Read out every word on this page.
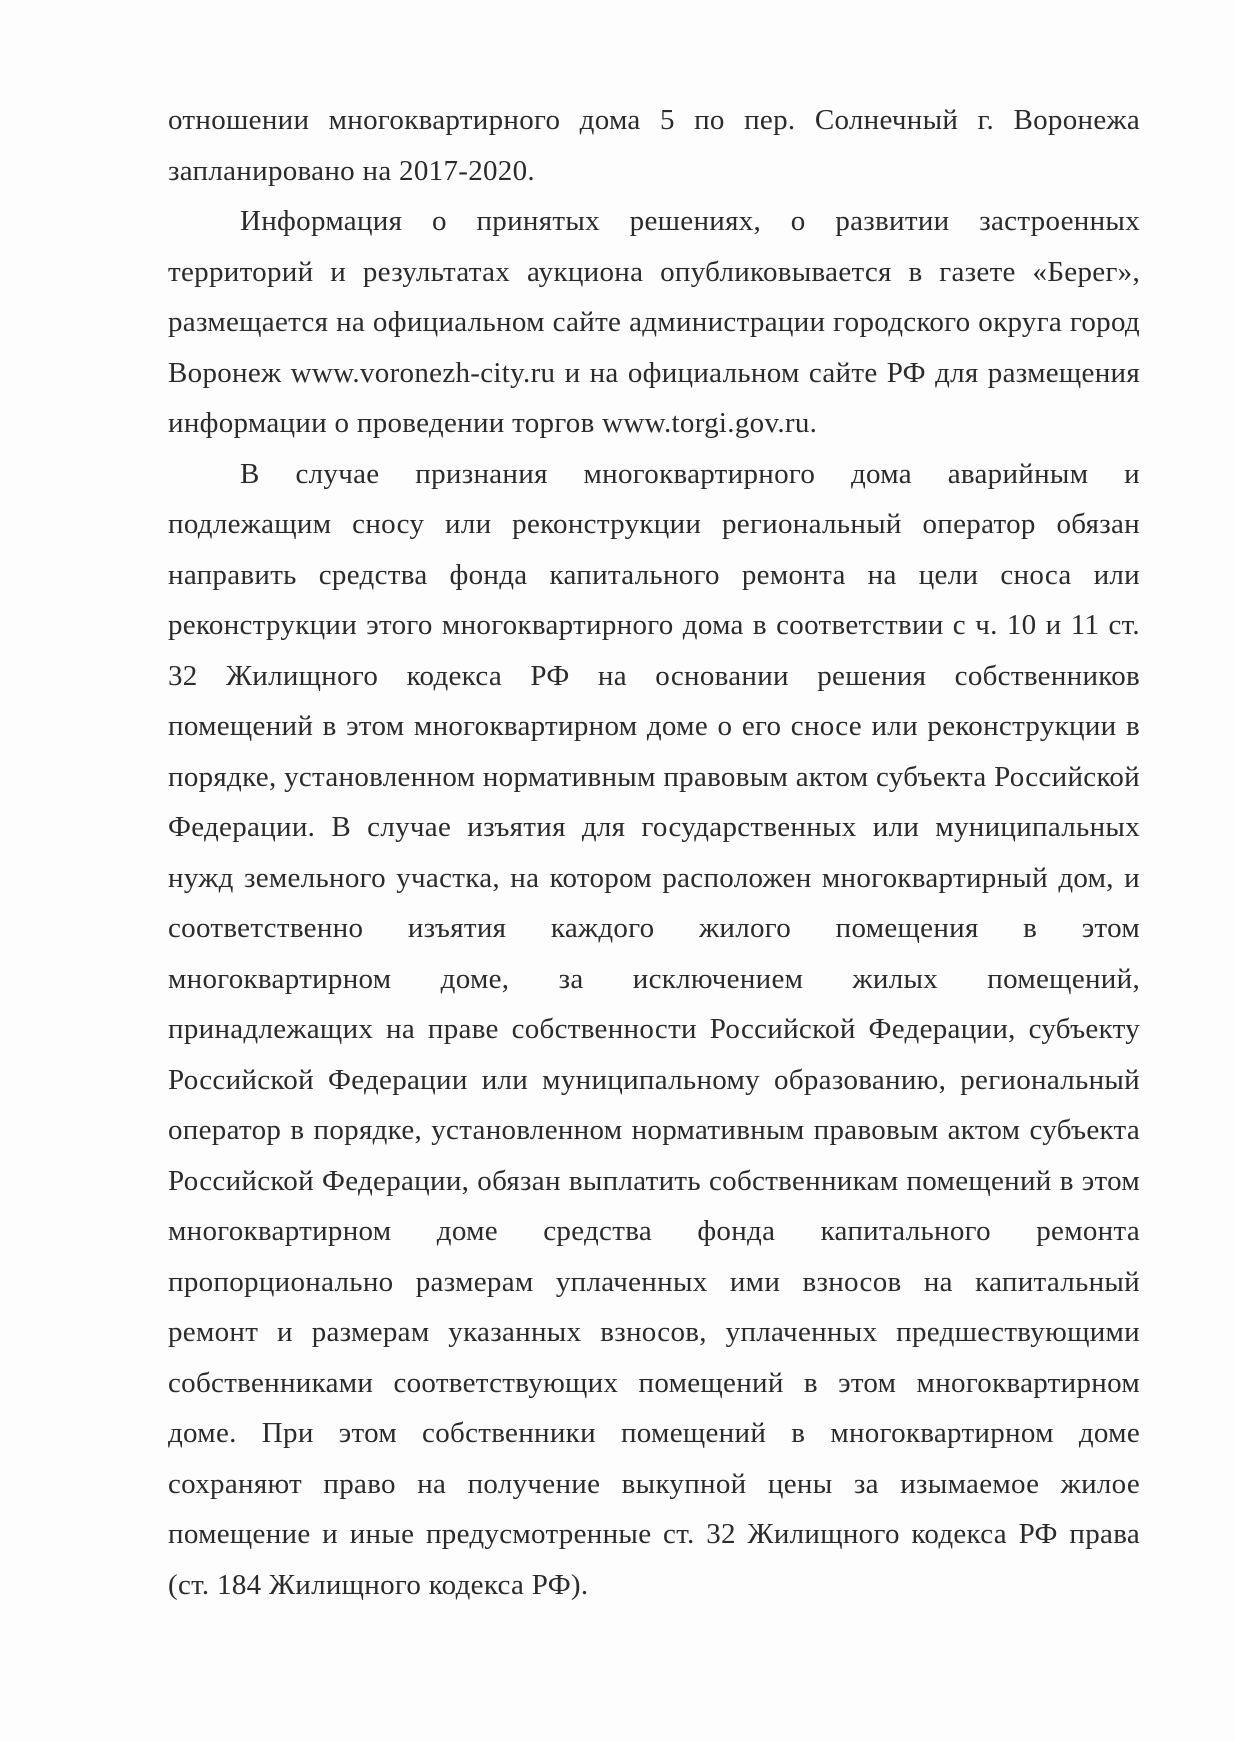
отношении многоквартирного дома 5 по пер. Солнечный г. Воронежа запланировано на 2017-2020.

Информация о принятых решениях, о развитии застроенных территорий и результатах аукциона опубликовывается в газете «Берег», размещается на официальном сайте администрации городского округа город Воронеж www.voronezh-city.ru и на официальном сайте РФ для размещения информации о проведении торгов www.torgi.gov.ru.

В случае признания многоквартирного дома аварийным и подлежащим сносу или реконструкции региональный оператор обязан направить средства фонда капитального ремонта на цели сноса или реконструкции этого многоквартирного дома в соответствии с ч. 10 и 11 ст. 32 Жилищного кодекса РФ на основании решения собственников помещений в этом многоквартирном доме о его сносе или реконструкции в порядке, установленном нормативным правовым актом субъекта Российской Федерации. В случае изъятия для государственных или муниципальных нужд земельного участка, на котором расположен многоквартирный дом, и соответственно изъятия каждого жилого помещения в этом многоквартирном доме, за исключением жилых помещений, принадлежащих на праве собственности Российской Федерации, субъекту Российской Федерации или муниципальному образованию, региональный оператор в порядке, установленном нормативным правовым актом субъекта Российской Федерации, обязан выплатить собственникам помещений в этом многоквартирном доме средства фонда капитального ремонта пропорционально размерам уплаченных ими взносов на капитальный ремонт и размерам указанных взносов, уплаченных предшествующими собственниками соответствующих помещений в этом многоквартирном доме. При этом собственники помещений в многоквартирном доме сохраняют право на получение выкупной цены за изымаемое жилое помещение и иные предусмотренные ст. 32 Жилищного кодекса РФ права (ст. 184 Жилищного кодекса РФ).
